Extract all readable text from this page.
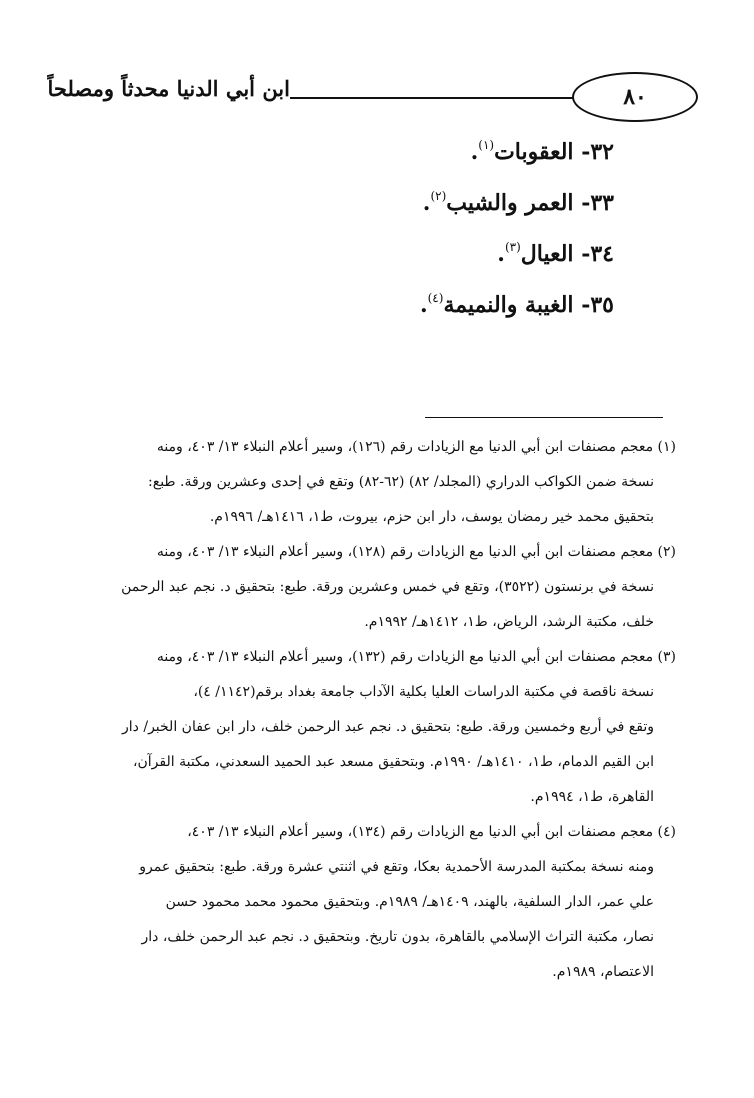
ابن أبي الدنيا محدثاً ومصلحاً	٨٠
٣٢- العقوبات$^{(١)}$.
٣٣- العمر والشيب$^{(٢)}$.
٣٤- العيال$^{(٣)}$.
٣٥- الغيبة والنميمة$^{(٤)}$.
(١) معجم مصنفات ابن أبي الدنيا مع الزيادات رقم (١٢٦)، وسير أعلام النبلاء ١٣/ ٤٠٣، ومنه
نسخة ضمن الكواكب الدراري (المجلد/ ٨٢) (٦٢-٨٢) وتقع في إحدى وعشرين ورقة. طبع:
بتحقيق محمد خير رمضان يوسف، دار ابن حزم، بيروت، ط١، ١٤١٦هـ/ ١٩٩٦م.
(٢) معجم مصنفات ابن أبي الدنيا مع الزيادات رقم (١٢٨)، وسير أعلام النبلاء ١٣/ ٤٠٣، ومنه
نسخة في برنستون (٣٥٢٢)، وتقع في خمس وعشرين ورقة. طبع: بتحقيق د. نجم عبد الرحمن
خلف، مكتبة الرشد، الرياض، ط١، ١٤١٢هـ/ ١٩٩٢م.
(٣) معجم مصنفات ابن أبي الدنيا مع الزيادات رقم (١٣٢)، وسير أعلام النبلاء ١٣/ ٤٠٣، ومنه
نسخة ناقصة في مكتبة الدراسات العليا بكلية الآداب جامعة بغداد برقم(١١٤٢/ ٤)،
وتقع في أربع وخمسين ورقة. طبع: بتحقيق د. نجم عبد الرحمن خلف، دار ابن عفان الخبر/ دار
ابن القيم الدمام، ط١، ١٤١٠هـ/ ١٩٩٠م. وبتحقيق مسعد عبد الحميد السعدني، مكتبة القرآن،
القاهرة، ط١، ١٩٩٤م.
(٤) معجم مصنفات ابن أبي الدنيا مع الزيادات رقم (١٣٤)، وسير أعلام النبلاء ١٣/ ٤٠٣،
ومنه نسخة بمكتبة المدرسة الأحمدية بعكا، وتقع في اثنتي عشرة ورقة. طبع: بتحقيق عمرو
علي عمر، الدار السلفية، بالهند، ١٤٠٩هـ/ ١٩٨٩م. وبتحقيق محمود محمد محمود حسن
نصار، مكتبة التراث الإسلامي بالقاهرة، بدون تاريخ. وبتحقيق د. نجم عبد الرحمن خلف، دار
الاعتصام، ١٩٨٩م.
